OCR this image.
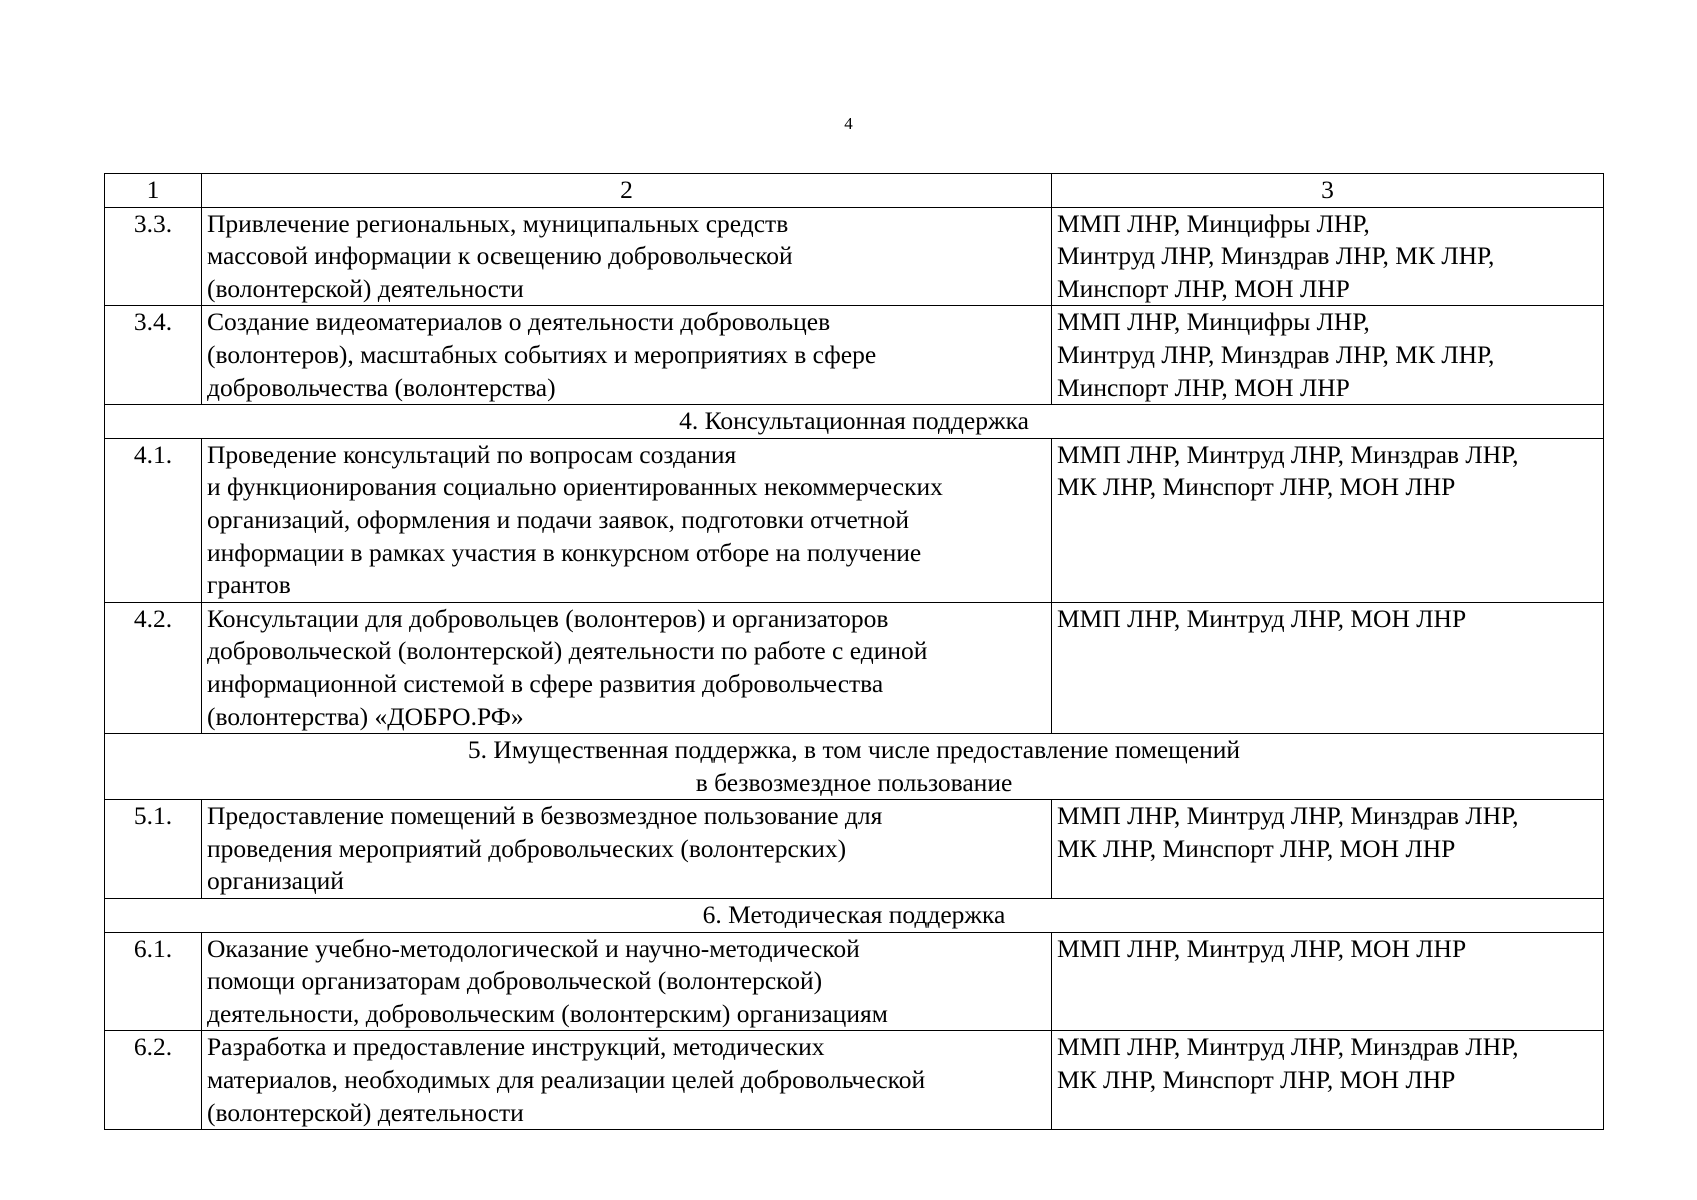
4
1	2	3
3.3.	Привлечение региональных, муниципальных средств
массовой информации к освещению добровольческой
(волонтерской) деятельности	ММП ЛНР, Минцифры ЛНР,
Минтруд ЛНР, Минздрав ЛНР, МК ЛНР,
Минспорт ЛНР, МОН ЛНР

3.4.	Создание видеоматериалов о деятельности добровольцев
(волонтеров), масштабных событиях и мероприятиях в сфере
добровольчества (волонтерства)	ММП ЛНР, Минцифры ЛНР,
Минтруд ЛНР, Минздрав ЛНР, МК ЛНР,
Минспорт ЛНР, МОН ЛНР

4. Консультационная поддержка		

4.1.	Проведение консультаций по вопросам создания
и функционирования социально ориентированных некоммерческих
организаций, оформления и подачи заявок, подготовки отчетной
информации в рамках участия в конкурсном отборе на получение
грантов	ММП ЛНР, Минтруд ЛНР, Минздрав ЛНР,
МК ЛНР, Минспорт ЛНР, МОН ЛНР

4.2.	Консультации для добровольцев (волонтеров) и организаторов
добровольческой (волонтерской) деятельности по работе с единой
информационной системой в сфере развития добровольчества
(волонтерства) «ДОБРО.РФ»	ММП ЛНР, Минтруд ЛНР, МОН ЛНР

5. Имущественная поддержка, в том числе предоставление помещений
в безвозмездное пользование		

5.1.	Предоставление помещений в безвозмездное пользование для
проведения мероприятий добровольческих (волонтерских)
организаций	ММП ЛНР, Минтруд ЛНР, Минздрав ЛНР,
МК ЛНР, Минспорт ЛНР, МОН ЛНР

6. Методическая поддержка		

6.1.	Оказание учебно-методологической и научно-методической
помощи организаторам добровольческой (волонтерской)
деятельности, добровольческим (волонтерским) организациям	ММП ЛНР, Минтруд ЛНР, МОН ЛНР

6.2.	Разработка и предоставление инструкций, методических
материалов, необходимых для реализации целей добровольческой
(волонтерской) деятельности	ММП ЛНР, Минтруд ЛНР, Минздрав ЛНР,
МК ЛНР, Минспорт ЛНР, МОН ЛНР
